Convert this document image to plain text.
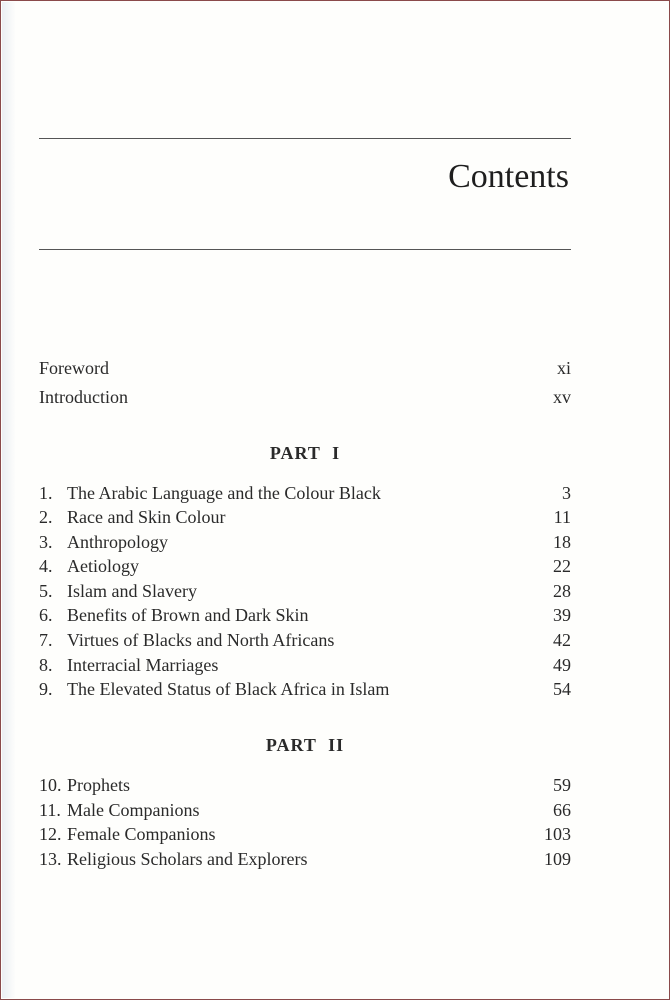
Contents
Foreword	xi
Introduction	xv
PART I
1. The Arabic Language and the Colour Black	3
2. Race and Skin Colour	11
3. Anthropology	18
4. Aetiology	22
5. Islam and Slavery	28
6. Benefits of Brown and Dark Skin	39
7. Virtues of Blacks and North Africans	42
8. Interracial Marriages	49
9. The Elevated Status of Black Africa in Islam	54
PART II
10. Prophets	59
11. Male Companions	66
12. Female Companions	103
13. Religious Scholars and Explorers	109
